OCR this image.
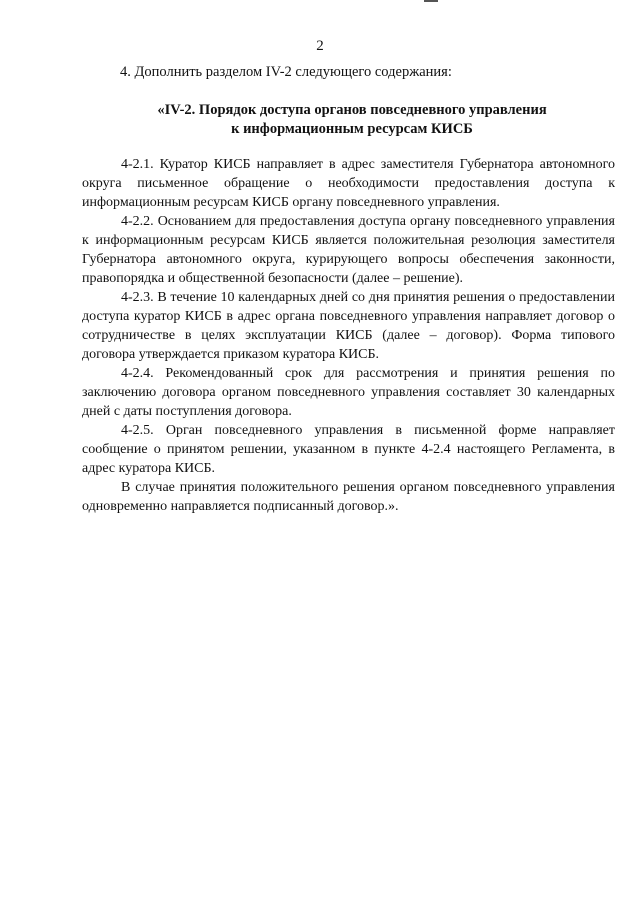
2
4. Дополнить разделом IV-2 следующего содержания:
«IV-2. Порядок доступа органов повседневного управления
к информационным ресурсам КИСБ

4-2.1. Куратор КИСБ направляет в адрес заместителя Губернатора автономного округа письменное обращение о необходимости предоставления доступа к информационным ресурсам КИСБ органу повседневного управления.

4-2.2. Основанием для предоставления доступа органу повседневного управления к информационным ресурсам КИСБ является положительная резолюция заместителя Губернатора автономного округа, курирующего вопросы обеспечения законности, правопорядка и общественной безопасности (далее – решение).

4-2.3. В течение 10 календарных дней со дня принятия решения о предоставлении доступа куратор КИСБ в адрес органа повседневного управления направляет договор о сотрудничестве в целях эксплуатации КИСБ (далее – договор). Форма типового договора утверждается приказом куратора КИСБ.

4-2.4. Рекомендованный срок для рассмотрения и принятия решения по заключению договора органом повседневного управления составляет 30 календарных дней с даты поступления договора.

4-2.5. Орган повседневного управления в письменной форме направляет сообщение о принятом решении, указанном в пункте 4-2.4 настоящего Регламента, в адрес куратора КИСБ.

В случае принятия положительного решения органом повседневного управления одновременно направляется подписанный договор.».
